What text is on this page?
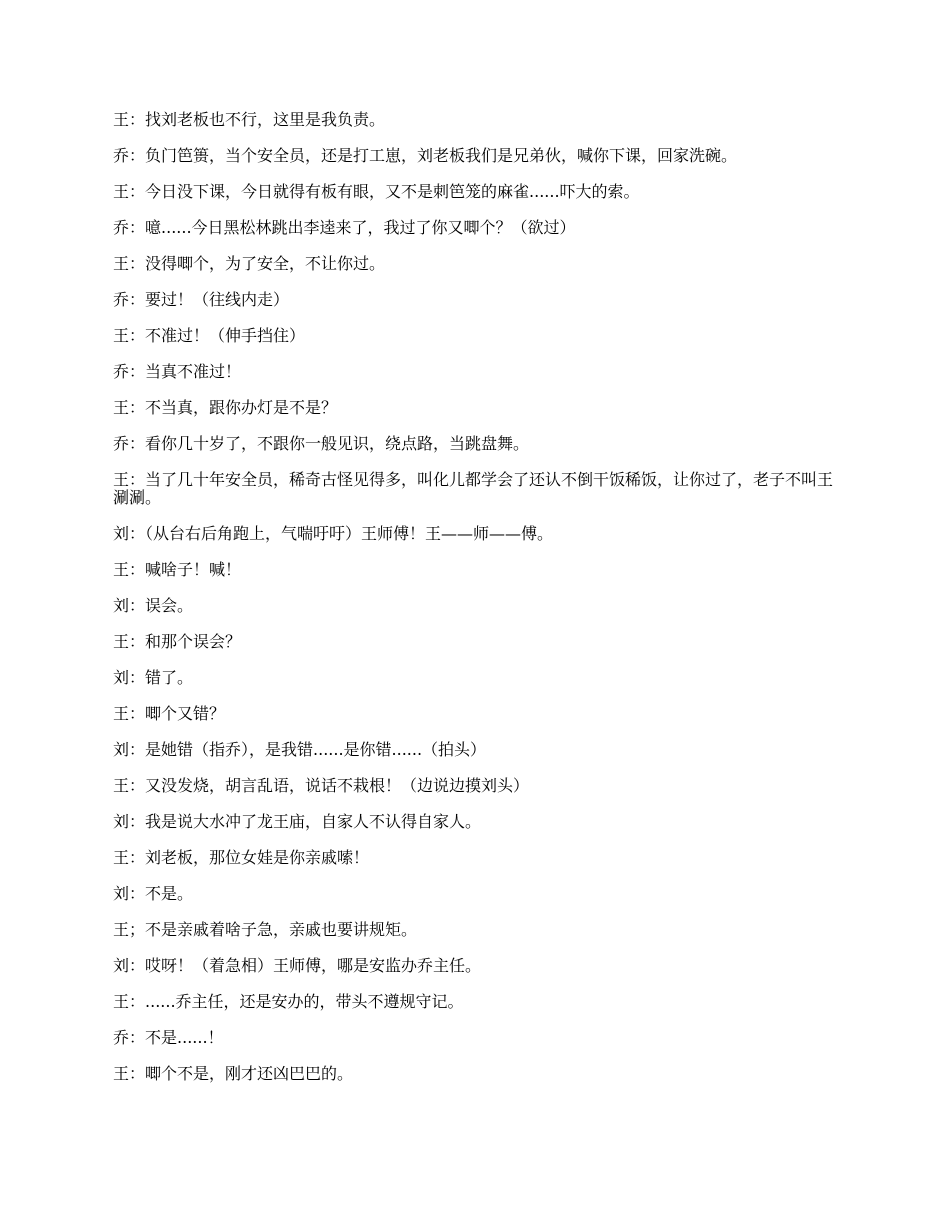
王：找刘老板也不行，这里是我负责。

乔：负门笆篑，当个安全员，还是打工崽，刘老板我们是兄弟伙，喊你下课，回家洗碗。

王：今日没下课，今日就得有板有眼，又不是刺笆笼的麻雀......吓大的索。

乔：噫......今日黑松林跳出李逵来了，我过了你又唧个？（欲过）

王：没得唧个，为了安全，不让你过。

乔：要过！（往线内走）

王：不准过！（伸手挡住）

乔：当真不准过！

王：不当真，跟你办灯是不是？

乔：看你几十岁了，不跟你一般见识，绕点路，当跳盘舞。

王：当了几十年安全员，稀奇古怪见得多，叫化儿都学会了还认不倒干饭稀饭，让你过了，老子不叫王涮涮。

刘：（从台右后角跑上，气喘吁吁）王师傅！王——师——傅。

王：喊啥子！喊！

刘：误会。

王：和那个误会？

刘：错了。

王：唧个又错？

刘：是她错（指乔），是我错......是你错......（拍头）

王：又没发烧，胡言乱语，说话不栽根！（边说边摸刘头）

刘：我是说大水冲了龙王庙，自家人不认得自家人。

王：刘老板，那位女娃是你亲戚嗦！

刘：不是。

王；不是亲戚着啥子急，亲戚也要讲规矩。

刘：哎呀！（着急相）王师傅，哪是安监办乔主任。

王：......乔主任，还是安办的，带头不遵规守记。

乔：不是......！

王：唧个不是，刚才还凶巴巴的。
